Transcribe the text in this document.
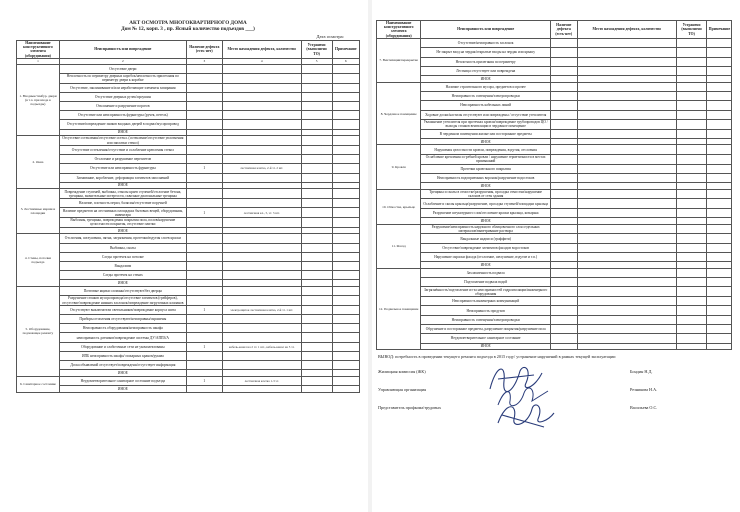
АКТ ОСМОТРА МНОГОКВАРТИРНОГО ДОМА
Дом № 12, корп. 3 , пр. Ясный количество подъездов ___)
Дата осмотра:
Наименование конструктивного элемента (оборудования)	Неисправность или повреждение	Наличие дефекта (есть-нет)	Место нахождения дефекта, количество	Устранено (выполнено ТО)	Примечание
1	2	3	4	5	6
1. Входные/тамбур. двери (в т.ч. при входе в подъезды)	Отсутствие двери				
	Неплотность по периметру дверных коробок/неплотность прилегания по периметру двери к коробке				
	Отсутствие, заклинивание и/или неработающие элементы запирания				
	Отсутствие дверных ручек/проушин				
	Отклонение и разрушение порогов				
	Отсутствие или неисправность фурнитуры (ручек, петель)				
	Отсутствие/повреждение замков входных дверей в подвал/мусоропровод				
	ИНОЕ				
2. Окна	Отсутствие остекления/отсутствие остекл. (остекление/отсутствие уплотнения или заплатки стекол)				
	Отсутствие остекления/отсутствие и ослабление крепления стекол				
	Отслоение и разрушение переплетов				
	Отсутствие или неисправность фурнитуры	1	лестничная клетка, 2-й эт. 2 шт.		
	Загнивание, коробление, деформация элементов заполнений				
	ИНОЕ				
3. Лестничные марши и площадки	Повреждение ступеней, выбоины, отколы краев ступеней/отслоение бетона, трещины, значительные истертости, сквозные диагональные трещины				
	Наличие, плотность перил, балясин/отсутствие поручней				
	Наличие предметов на лестничных площадках бытовых вещей, оборудования, инвентаря	1	лестничная кл., 5, эт. 3 шт.		
	Выбоины, трещины, повреждения покрытия пола, полов/нарушение целостности покрытия, отсутствие плитки				
	ИНОЕ				
4. Стены, потолки подъезда	Отслоения, шелушения, пятна, загрязнения, протечки/вздутия слоев краски				
	Выбоины, сколы				
	Следы протечек на потолке				
	Вандализм				
	Следы протечек на стенах				
	ИНОЕ				
5. Оборудование, подлежащее ремонту	Почтовые ящики сломаны/отсутствуют/без дверцы				
	Разрушение стояков мусоропровода/отсутствие элементов (грейферов), отсутствие/повреждение нижних заслонок/повреждение загрузочных клапанов				
	Отсутствуют выключатели светильников/повреждение корпуса шита	1	электрощиток лестничная клетка, 2-й эт. 1 шт.		
	Приборы отопления отсутствуют/неисправны/окрашены				
	Неисправность оборудования/неисправность шкафа				
	неисправность датчиков/повреждение системы ДУ/АППЗ/А				
	Оборудование и слаботочные сети не укомплектованы	1	кабель-канал на 2 эт. 1 шт., кабель-канал на 5 эт.		
	ИПБ неисправность шкафа/ пожарных кранов/рукава				
	Доска объявлений отсутствует/повреждена/отсутствует информация				
	ИНОЕ				
6. Санитарное состояние	Неудовлетворительное санитарное состояние подъезда	1	лестничная клетка 1-3 эт.		
	ИНОЕ				
Наименование конструктивного элемента (оборудования)	Неисправность или повреждение	Наличие дефекта (есть-нет)	Место нахождения дефекта, количество	Устранено (выполнено ТО)	Примечание
7. Вентиляция/перекрытие	Отсутствие/неисправность заслонок				
	Не закрыт вход на чердак/открытые входы на чердак или крышу				
	Неплотность прилегания по периметру				
	Лестница отсутствует или повреждена				
	ИНОЕ				
8. Чердачное помещение	Наличие строительного мусора, предметов и прочее				
	Неисправность освещения/электропроводки				
	Неисправность кабельных линий				
	Ходовые доски/настилы отсутствуют или повреждены / отсутствие утеплителя				
	Увлажнение утеплителя при протечках кровли/повреждение трубопроводов ЦО / выходы стояков вентиляции в чердачное помещение				
	В чердачном помещении жилые или посторонние предметы				
	ИНОЕ				
9. Кровля	Нарушения целостности кровли, повреждения, вздутия, отслоения				
	Ослабление крепления и гребней кровли / нарушение герметичности в местах примыканий				
	Протечки кровельного покрытия				
	Неисправность водоприемных воронок/разрушение водостоков				
	ИНОЕ				
10. Отмостка, крыльцо	Трещины и сколы в отмостке/разрушения, просадка отмостки/нарушение склонов от стен здания				
	Ослабление и сколы крыльца/разрушение, просадка ступеней/площадки крыльца				
	Разрушение штукатурного слоя/отслоение краски крыльца, козырька				
	ИНОЕ				
11. Фасад	Разрушение/неисправность наружного облицовочного слоя отдельных материалов/выветривание раствора				
	Вандальные надписи (граффити)				
	Отсутствие/повреждение элементов фасадов водостоков				
	Нарушение окраски фасада (отслоение, шелушение, вздутие и т.п.)				
	ИНОЕ				
12. Подвальное помещение	Захламленность подвала				
	Подтопление подвала водой				
	Загрязнённость/подтопление из-за неисправностей гидроизоляции/инженерного оборудования				
	Неисправность инженерных коммуникаций				
	Неисправность продухов				
	Неисправность освещения/электропроводки				
	Обрушение и посторонние предметы, разрушение покрытия/разрушение пола				
	Неудовлетворительное санитарное состояние				
	ИНОЕ				
ВЫВОД: потребность в проведении текущего ремонта подъезда в 2015 году/ устранение нарушений в рамках текущей эксплуатации
Жилищная комиссия (ЖК)	Бондин Н.Д.
Управляющая организация	Резникова Н.А.
Представитель профкома/трудовых	Васильева О.С.
